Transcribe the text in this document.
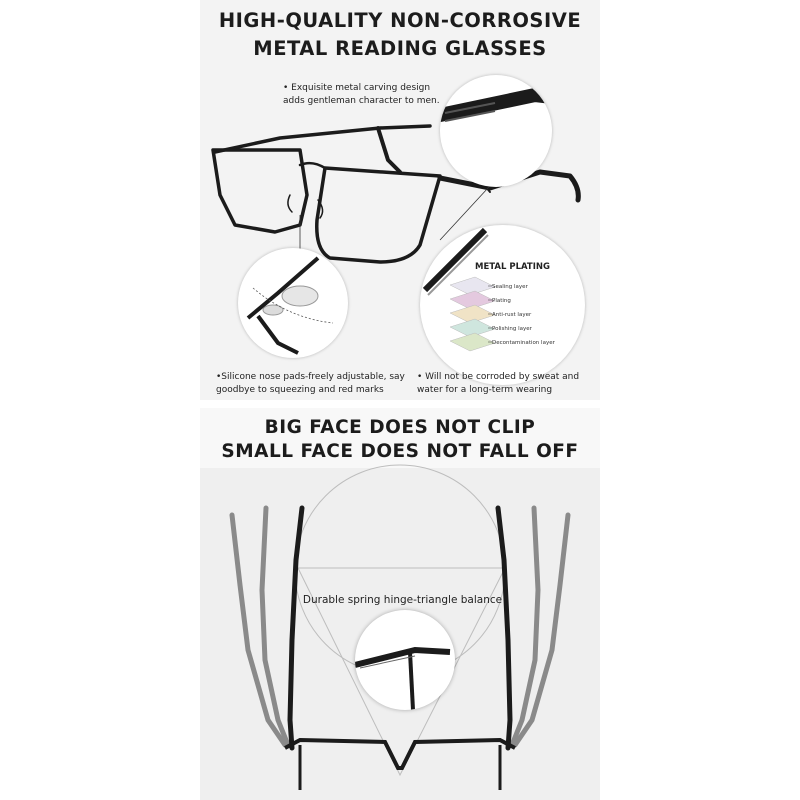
HIGH-QUALITY NON-CORROSIVE
METAL READING GLASSES
• Exquisite metal carving design adds gentleman character to men.
METAL PLATING
Sealing layer
Plating
Anti-rust layer
Polishing layer
Decontamination layer
•Silicone nose pads-freely adjustable, say goodbye to squeezing and red marks
• Will not be corroded by sweat and water for a long-term wearing
BIG FACE DOES NOT CLIP
SMALL FACE DOES NOT FALL OFF
Durable spring hinge-triangle balance
